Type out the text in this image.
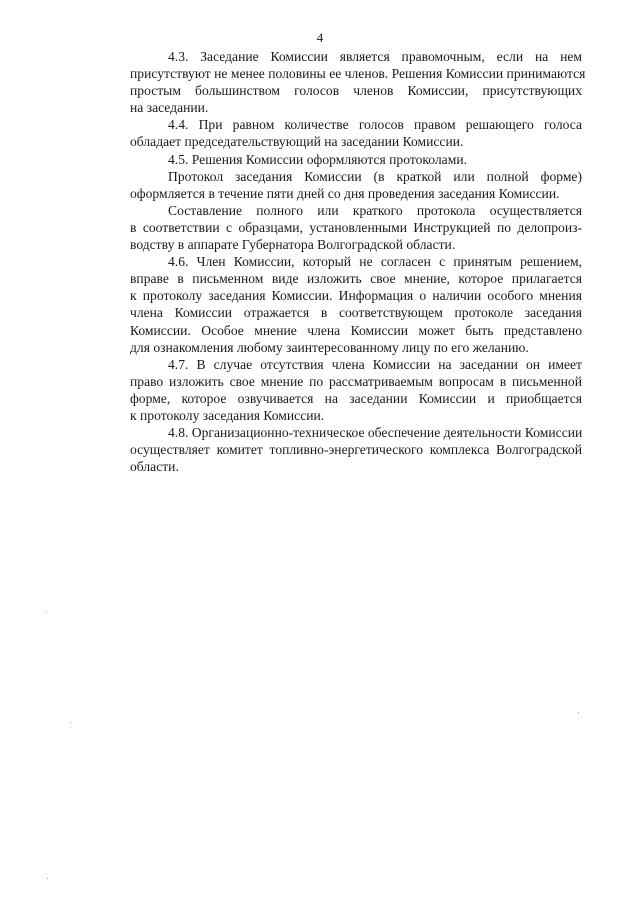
4

4.3. Заседание Комиссии является правомочным, если на нем
присутствуют не менее половины ее членов. Решения Комиссии принимаются
простым большинством голосов членов Комиссии, присутствующих
на заседании.

4.4. При равном количестве голосов правом решающего голоса
обладает председательствующий на заседании Комиссии.

4.5. Решения Комиссии оформляются протоколами.

Протокол заседания Комиссии (в краткой или полной форме)
оформляется в течение пяти дней со дня проведения заседания Комиссии.

Составление полного или краткого протокола осуществляется
в соответствии с образцами, установленными Инструкцией по делопроиз-
водству в аппарате Губернатора Волгоградской области.

4.6. Член Комиссии, который не согласен с принятым решением,
вправе в письменном виде изложить свое мнение, которое прилагается
к протоколу заседания Комиссии. Информация о наличии особого мнения
члена Комиссии отражается в соответствующем протоколе заседания
Комиссии. Особое мнение члена Комиссии может быть представлено
для ознакомления любому заинтересованному лицу по его желанию.

4.7. В случае отсутствия члена Комиссии на заседании он имеет
право изложить свое мнение по рассматриваемым вопросам в письменной
форме, которое озвучивается на заседании Комиссии и приобщается
к протоколу заседания Комиссии.

4.8. Организационно-техническое обеспечение деятельности Комиссии
осуществляет комитет топливно-энергетического комплекса Волгоградской
области.
